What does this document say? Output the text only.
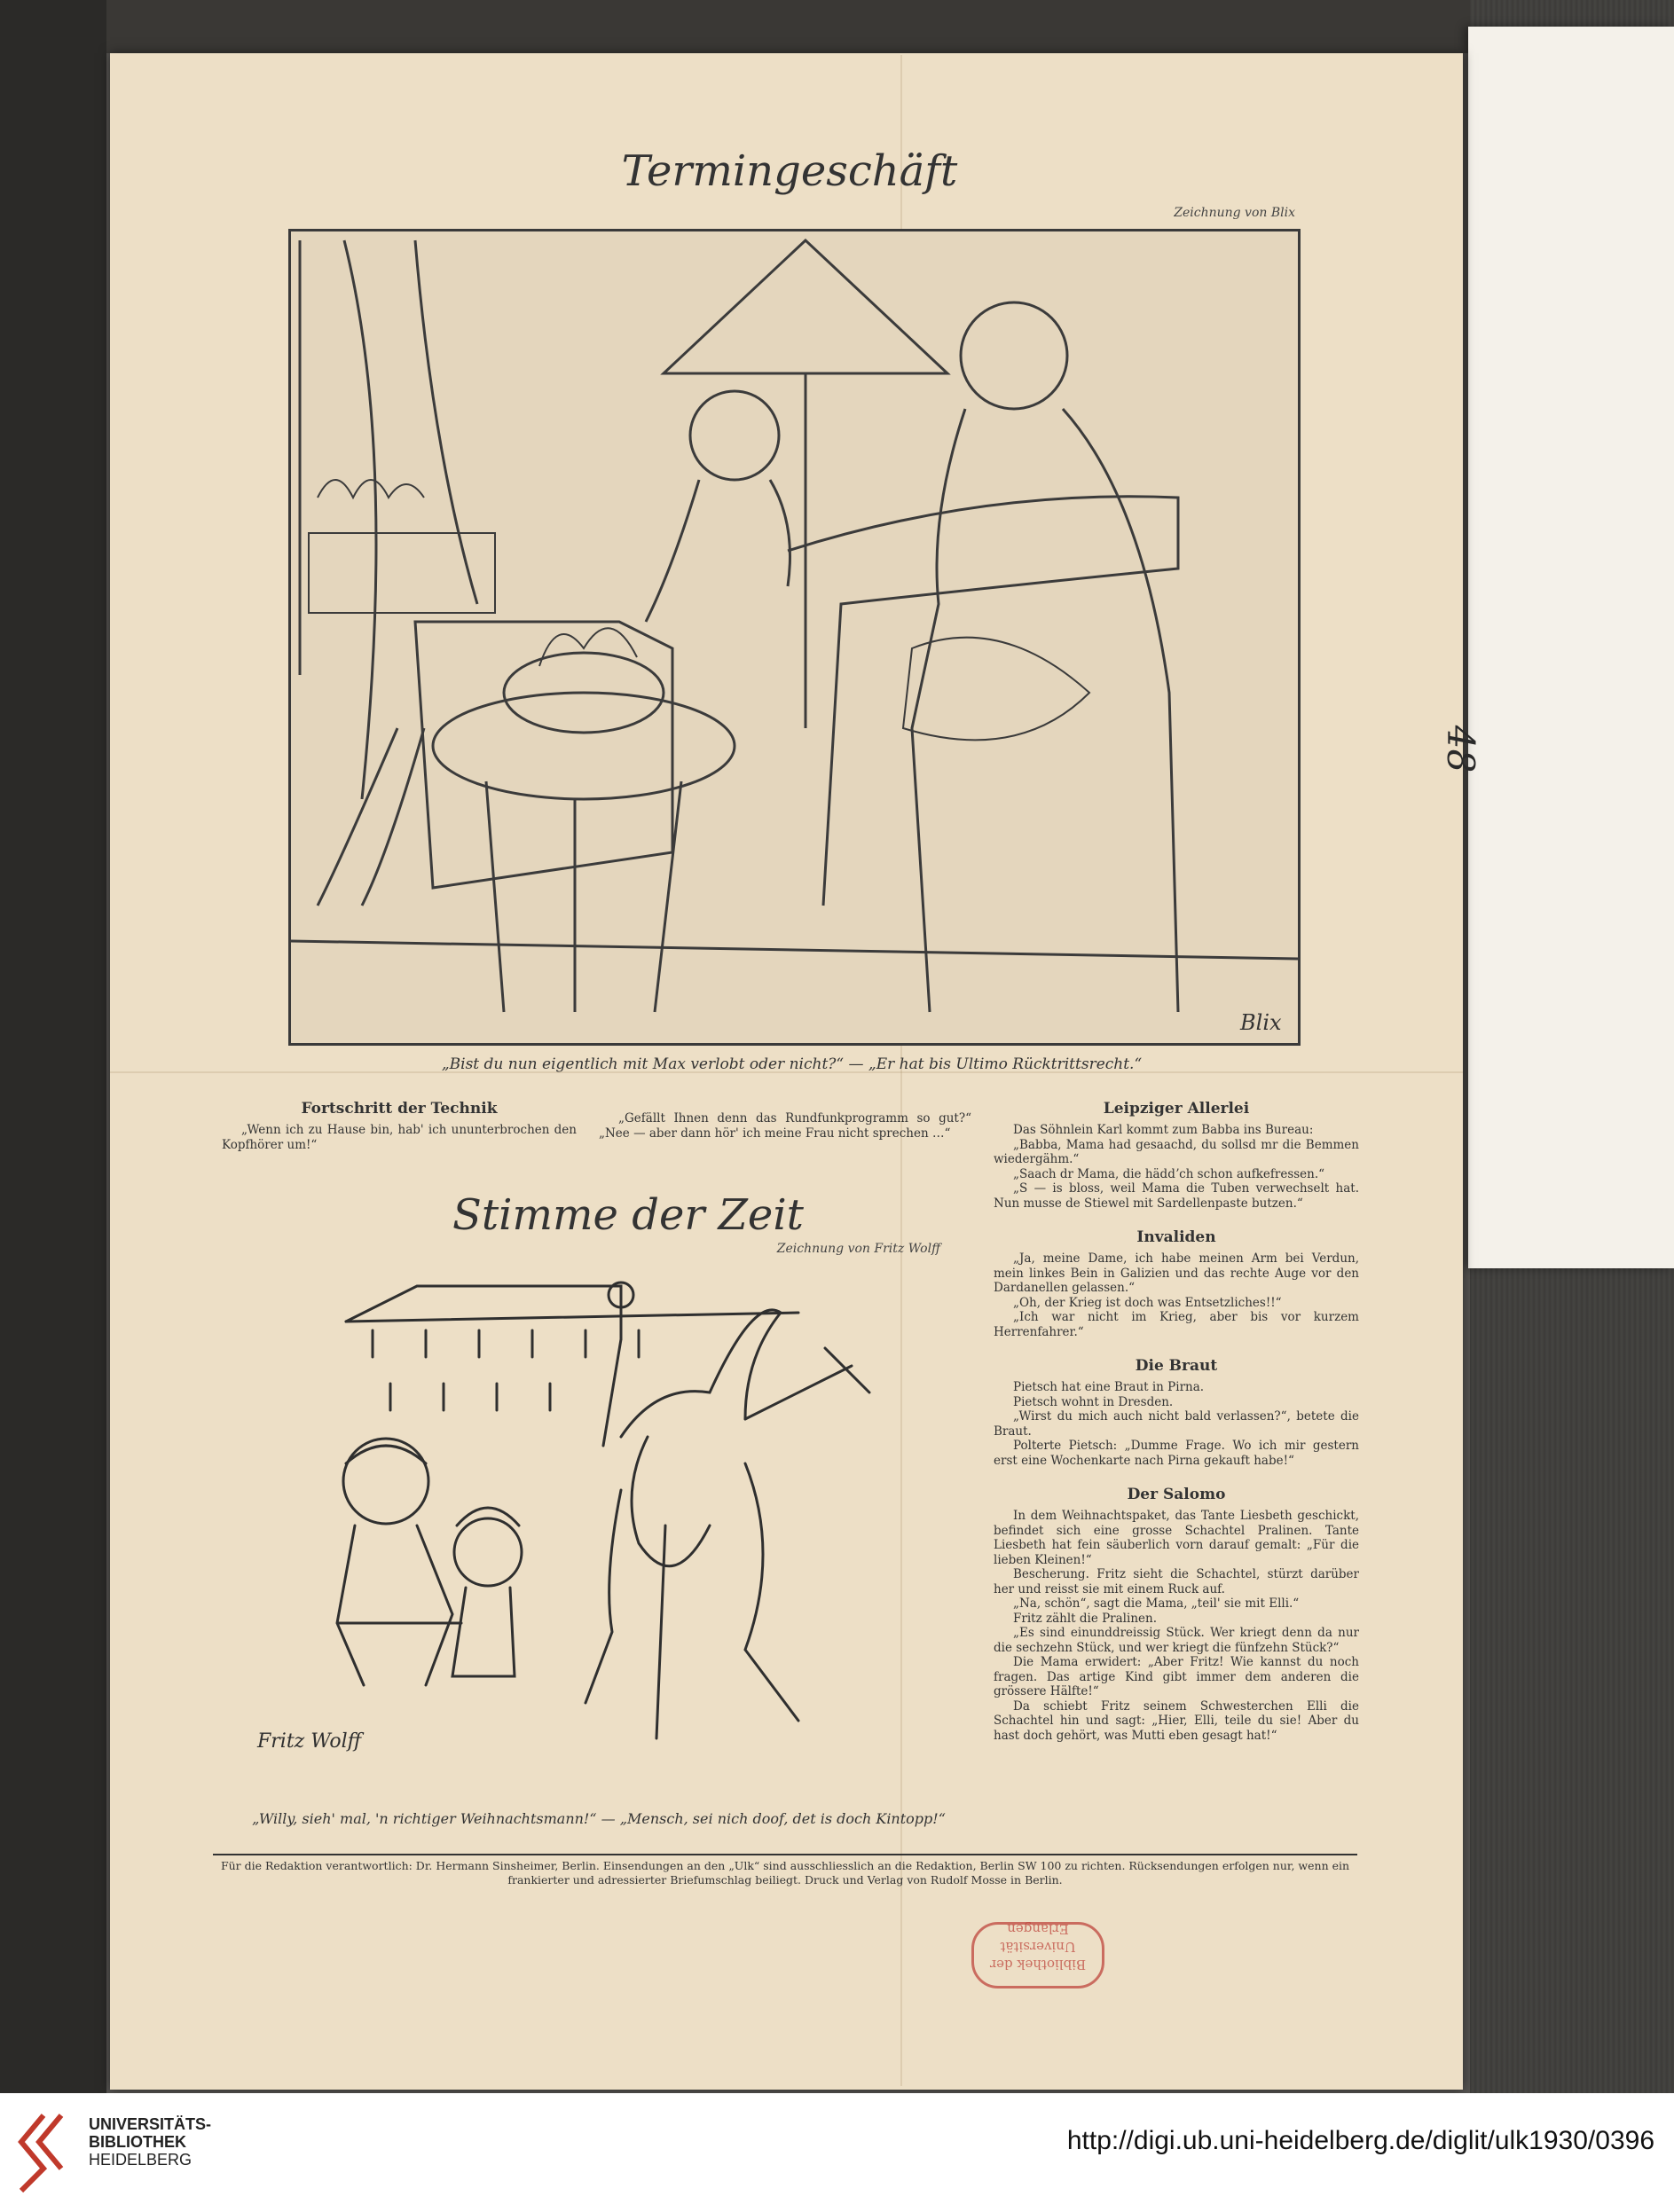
48
Termingeschäft
Zeichnung von Blix
Blix
„Bist du nun eigentlich mit Max verlobt oder nicht?“ — „Er hat bis Ultimo Rücktrittsrecht.“
Fortschritt der Technik

„Wenn ich zu Hause bin, hab' ich ununterbrochen den Kopfhörer um!“

„Gefällt Ihnen denn das Rundfunkprogramm so gut?“ „Nee — aber dann hör' ich meine Frau nicht sprechen …“

Stimme der Zeit
Zeichnung von Fritz Wolff
Fritz Wolff
„Willy, sieh' mal, 'n richtiger Weihnachtsmann!“ — „Mensch, sei nich doof, det is doch Kintopp!“
Leipziger Allerlei

Das Söhnlein Karl kommt zum Babba ins Bureau:

„Babba, Mama had gesaachd, du sollsd mr die Bemmen wiedergähm.“

„Saach dr Mama, die häddʼch schon aufkefressen.“

„S — is bloss, weil Mama die Tuben verwechselt hat. Nun musse de Stiewel mit Sardellenpaste butzen.“

Invaliden

„Ja, meine Dame, ich habe meinen Arm bei Verdun, mein linkes Bein in Galizien und das rechte Auge vor den Dardanellen gelassen.“

„Oh, der Krieg ist doch was Entsetzliches!!“

„Ich war nicht im Krieg, aber bis vor kurzem Herrenfahrer.“

Die Braut

Pietsch hat eine Braut in Pirna.

Pietsch wohnt in Dresden.

„Wirst du mich auch nicht bald verlassen?“, betete die Braut.

Polterte Pietsch: „Dumme Frage. Wo ich mir gestern erst eine Wochenkarte nach Pirna gekauft habe!“

Der Salomo

In dem Weihnachtspaket, das Tante Liesbeth geschickt, befindet sich eine grosse Schachtel Pralinen. Tante Liesbeth hat fein säuberlich vorn darauf gemalt: „Für die lieben Kleinen!“

Bescherung. Fritz sieht die Schachtel, stürzt darüber her und reisst sie mit einem Ruck auf.

„Na, schön“, sagt die Mama, „teil' sie mit Elli.“

Fritz zählt die Pralinen.

„Es sind einunddreissig Stück. Wer kriegt denn da nur die sechzehn Stück, und wer kriegt die fünfzehn Stück?“

Die Mama erwidert: „Aber Fritz! Wie kannst du noch fragen. Das artige Kind gibt immer dem anderen die grössere Hälfte!“

Da schiebt Fritz seinem Schwesterchen Elli die Schachtel hin und sagt: „Hier, Elli, teile du sie! Aber du hast doch gehört, was Mutti eben gesagt hat!“

Für die Redaktion verantwortlich: Dr. Hermann Sinsheimer, Berlin. Einsendungen an den „Ulk“ sind ausschliesslich an die Redaktion, Berlin SW 100 zu richten. Rücksendungen erfolgen nur, wenn ein frankierter und adressierter Briefumschlag beiliegt. Druck und Verlag von Rudolf Mosse in Berlin.
Bibliothek der Universität Erlangen
UNIVERSITÄTS-
BIBLIOTHEK
HEIDELBERG
http://digi.ub.uni-heidelberg.de/diglit/ulk1930/0396
